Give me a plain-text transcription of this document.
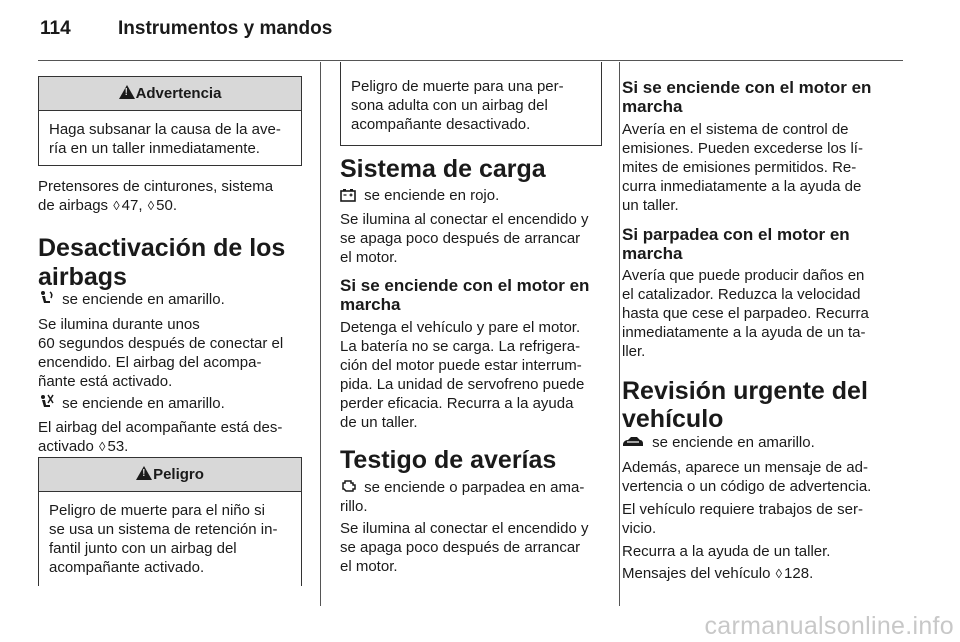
114 Instrumentos y mandos
!Advertencia
Haga subsanar la causa de la ave-
ría en un taller inmediatamente.
Pretensores de cinturones, sistema
de airbags ◊ 47, ◊ 50.
Desactivación de los
airbags
se enciende en amarillo.
Se ilumina durante unos
60 segundos después de conectar el
encendido. El airbag del acompa-
ñante está activado.
se enciende en amarillo.
El airbag del acompañante está des-
activado ◊ 53.
!Peligro
Peligro de muerte para el niño si
se usa un sistema de retención in-
fantil junto con un airbag del
acompañante activado.
Peligro de muerte para una per-
sona adulta con un airbag del
acompañante desactivado.
Sistema de carga
se enciende en rojo.
Se ilumina al conectar el encendido y
se apaga poco después de arrancar
el motor.
Si se enciende con el motor en
marcha
Detenga el vehículo y pare el motor.
La batería no se carga. La refrigera-
ción del motor puede estar interrum-
pida. La unidad de servofreno puede
perder eficacia. Recurra a la ayuda
de un taller.
Testigo de averías
se enciende o parpadea en ama-
rillo.
Se ilumina al conectar el encendido y
se apaga poco después de arrancar
el motor.
Si se enciende con el motor en
marcha
Avería en el sistema de control de
emisiones. Pueden excederse los lí-
mites de emisiones permitidos. Re-
curra inmediatamente a la ayuda de
un taller.
Si parpadea con el motor en
marcha
Avería que puede producir daños en
el catalizador. Reduzca la velocidad
hasta que cese el parpadeo. Recurra
inmediatamente a la ayuda de un ta-
ller.
Revisión urgente del
vehículo
se enciende en amarillo.
Además, aparece un mensaje de ad-
vertencia o un código de advertencia.
El vehículo requiere trabajos de ser-
vicio.
Recurra a la ayuda de un taller.
Mensajes del vehículo ◊ 128.
carmanualsonline.info
